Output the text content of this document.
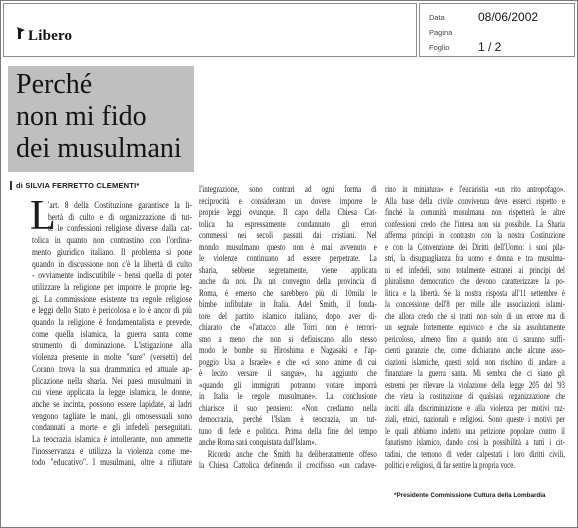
Libero
Data	08/06/2002
Pagina
Foglio 1 / 2
Perché
non mi fido
dei musulmani
di SILVIA FERRETTO CLEMENTI*
L
'art. 8 della Costituzione garantisce la li-
bertà di culto e di organizzazione di tut-
te le confessioni religiose diverse dalla cat-
tolica in quanto non contrastino con l'ordina-
mento giuridico italiano. Il problema si pone
quando in discussione non c'è la libertà di culto
- ovviamente indiscutibile - bensì quella di poter
utilizzare la religione per imporre le proprie leg-
gi. La commissione esistente tra regole religiose
e leggi dello Stato è pericolosa e lo è ancor di più
quando la religione è fondamentalista e prevede,
come quella islamica, la guerra santa come
strumento di dominazione. L'istigazione alla
violenza presente in molte "sure" (versetti) del
Corano trova la sua drammatica ed attuale ap-
plicazione nella sharia. Nei paesi musulmani in
cui viene applicata la legge islamica, le donne,
anche se incinta, possono essere lapidate, ai ladri
vengono tagliate le mani, gli omosessuali sono
condannati a morte e gli infedeli perseguitati.
La teocrazia islamica è intollerante, non ammette
l'inosservanza e utilizza la violenza come me-
todo "educativo". I musulmani, oltre a rifiutare
l'integrazione, sono contrari ad ogni forma di
reciprocità e considerano un dovere imporre le
proprie leggi ovunque. Il capo della Chiesa Cat-
tolica ha espressamente condannato gli errori
commessi nei secoli passati dai cristiani. Nel
mondo musulmano questo non è mai avvenuto e
le violenze continuano ad essere perpetrate. La
sharia, sebbene segretamente, viene applicata
anche da noi. Da un convegno della provincia di
Roma, è emerso che sarebbero più di 10mila le
bimbe infibulate in Italia. Adel Smith, il fonda-
tore del partito islamico italiano, dopo aver di-
chiarato che «l'attacco alle Torri non è terrori-
smo a meno che non si definiscano allo stesso
modo le bombe su Hiroshima e Nagasaki e l'ap-
poggio Usa a Israele» e che «ci sono anime di cui
è lecito versare il sangue», ha aggiunto che
«quando gli immigrati potranno votare imporrà
in Italia le regole musulmane». La conclusione
chiarisce il suo pensiero: «Non crediamo nella
democrazia, perché l'Islam è teocrazia, un tut-
tuno di fede e politica. Prima della fine del tempo
anche Roma sarà conquistata dall'Islam».
Ricordo anche che Smith ha deliberatamente offeso
la Chiesa Cattolica definendo il crocifisso «un cadave-
rino in miniatura» e l'eucaristia «un rito antropofago».
Alla base della civile convivenza deve esserci rispetto e
finché la comunità musulmana non rispetterà le altre
confessioni credo che l'intesa non sia possibile. La Sharia
afferma principi in contrasto con la nostra Costituzione
e con la Convenzione dei Diritti dell'Uomo: i suoi pila-
stri, la disuguaglianza fra uomo e donna e tra musulma-
ni ed infedeli, sono totalmente estranei ai principi del
pluralismo democratico che devono caratterizzare la po-
litica e la libertà. Se la nostra risposta all'11 settembre è
la concessione dell'8 per mille alle associazioni islami-
che allora credo che si tratti non solo di un errore ma di
un segnale fortemente equivoco e che sia assolutamente
pericoloso, almeno fino a quando non ci saranno suffi-
cienti garanzie che, come dichiarano anche alcune asso-
ciazioni islamiche, questi soldi non rischino di andare a
finanziare la guerra santa. Mi sembra che ci siano gli
estremi per rilevare la violazione della legge 205 del '93
che vieta la costituzione di qualsiasi organizzazione che
inciti alla discriminazione e alla violenza per motivi raz-
ziali, etnici, nazionali e religiosi. Sono queste i motivi per
le quali abbiamo indetto una petizione popolare contro il
fanatismo islamico, dando così la possibilità a tutti i cit-
tadini, che temono di veder calpestati i loro diritti civili,
politici e religiosi, di far sentire la propria voce.
*Presidente Commissione Cultura della Lombardia
